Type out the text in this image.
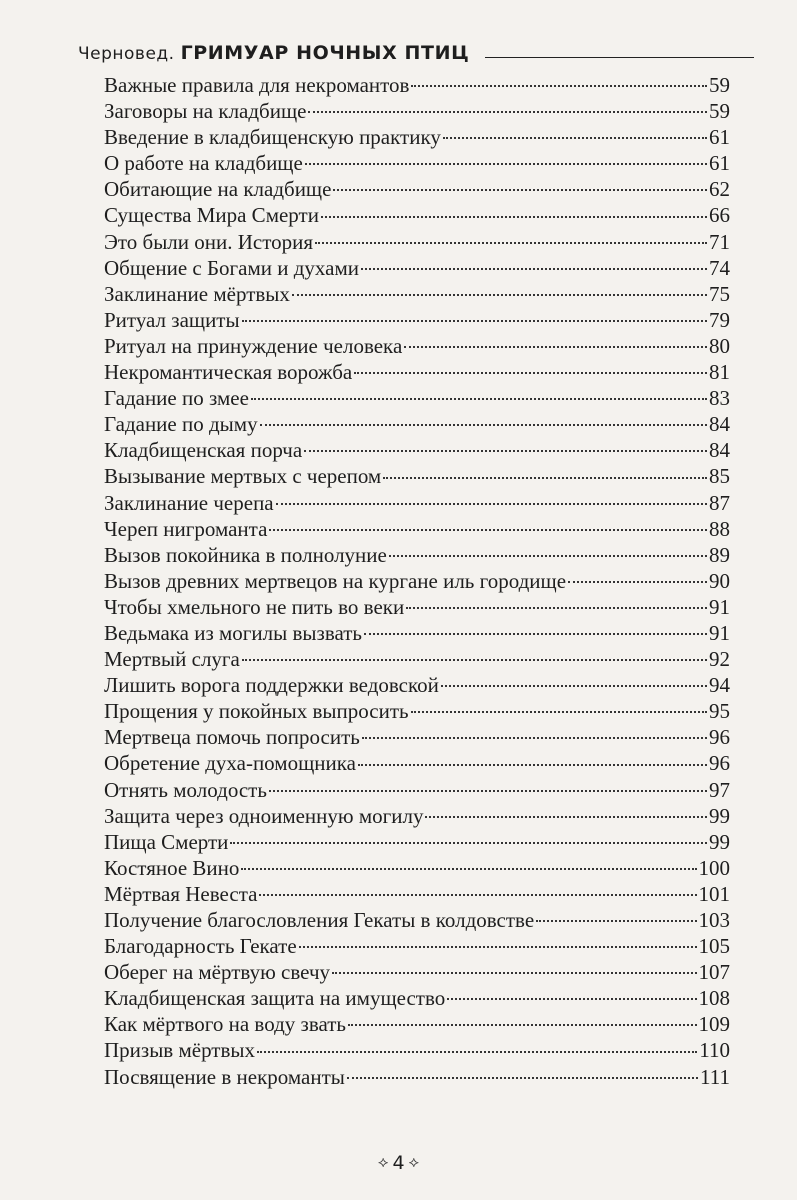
Черновед. ГРИМУАР НОЧНЫХ ПТИЦ
Важные правила для некромантов	59
Заговоры на кладбище	59
Введение в кладбищенскую практику	61
О работе на кладбище	61
Обитающие на кладбище	62
Существа Мира Смерти	66
Это были они. История	71
Общение с Богами и духами	74
Заклинание мёртвых	75
Ритуал защиты	79
Ритуал на принуждение человека	80
Некромантическая ворожба	81
Гадание по змее	83
Гадание по дыму	84
Кладбищенская порча	84
Вызывание мертвых с черепом	85
Заклинание черепа	87
Череп нигроманта	88
Вызов покойника в полнолуние	89
Вызов древних мертвецов на кургане иль городище	90
Чтобы хмельного не пить во веки	91
Ведьмака из могилы вызвать	91
Мертвый слуга	92
Лишить ворога поддержки ведовской	94
Прощения у покойных выпросить	95
Мертвеца помочь попросить	96
Обретение духа-помощника	96
Отнять молодость	97
Защита через одноименную могилу	99
Пища Смерти	99
Костяное Вино	100
Мёртвая Невеста	101
Получение благословления Гекаты в колдовстве	103
Благодарность Гекате	105
Оберег на мёртвую свечу	107
Кладбищенская защита на имущество	108
Как мёртвого на воду звать	109
Призыв мёртвых	110
Посвящение в некроманты	111
⟡ 4 ⟡
